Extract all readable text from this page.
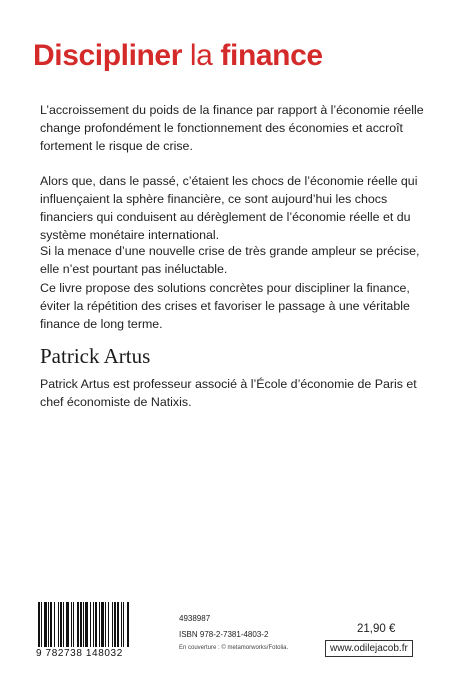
Discipliner la finance

L’accroissement du poids de la finance par rapport à l’économie réelle change profondément le fonctionnement des économies et accroît fortement le risque de crise.

Alors que, dans le passé, c’étaient les chocs de l’économie réelle qui influençaient la sphère financière, ce sont aujourd’hui les chocs financiers qui conduisent au dérèglement de l’économie réelle et du système monétaire international.

Si la menace d’une nouvelle crise de très grande ampleur se précise, elle n’est pourtant pas inéluctable.

Ce livre propose des solutions concrètes pour discipliner la finance, éviter la répétition des crises et favoriser le passage à une véritable finance de long terme.

Patrick Artus

Patrick Artus est professeur associé à l’École d’économie de Paris et chef économiste de Natixis.

9 782738 148032
4938987
ISBN 978-2-7381-4803-2
En couverture : © metamorworks/Fotolia.
21,90 €
www.odilejacob.fr
